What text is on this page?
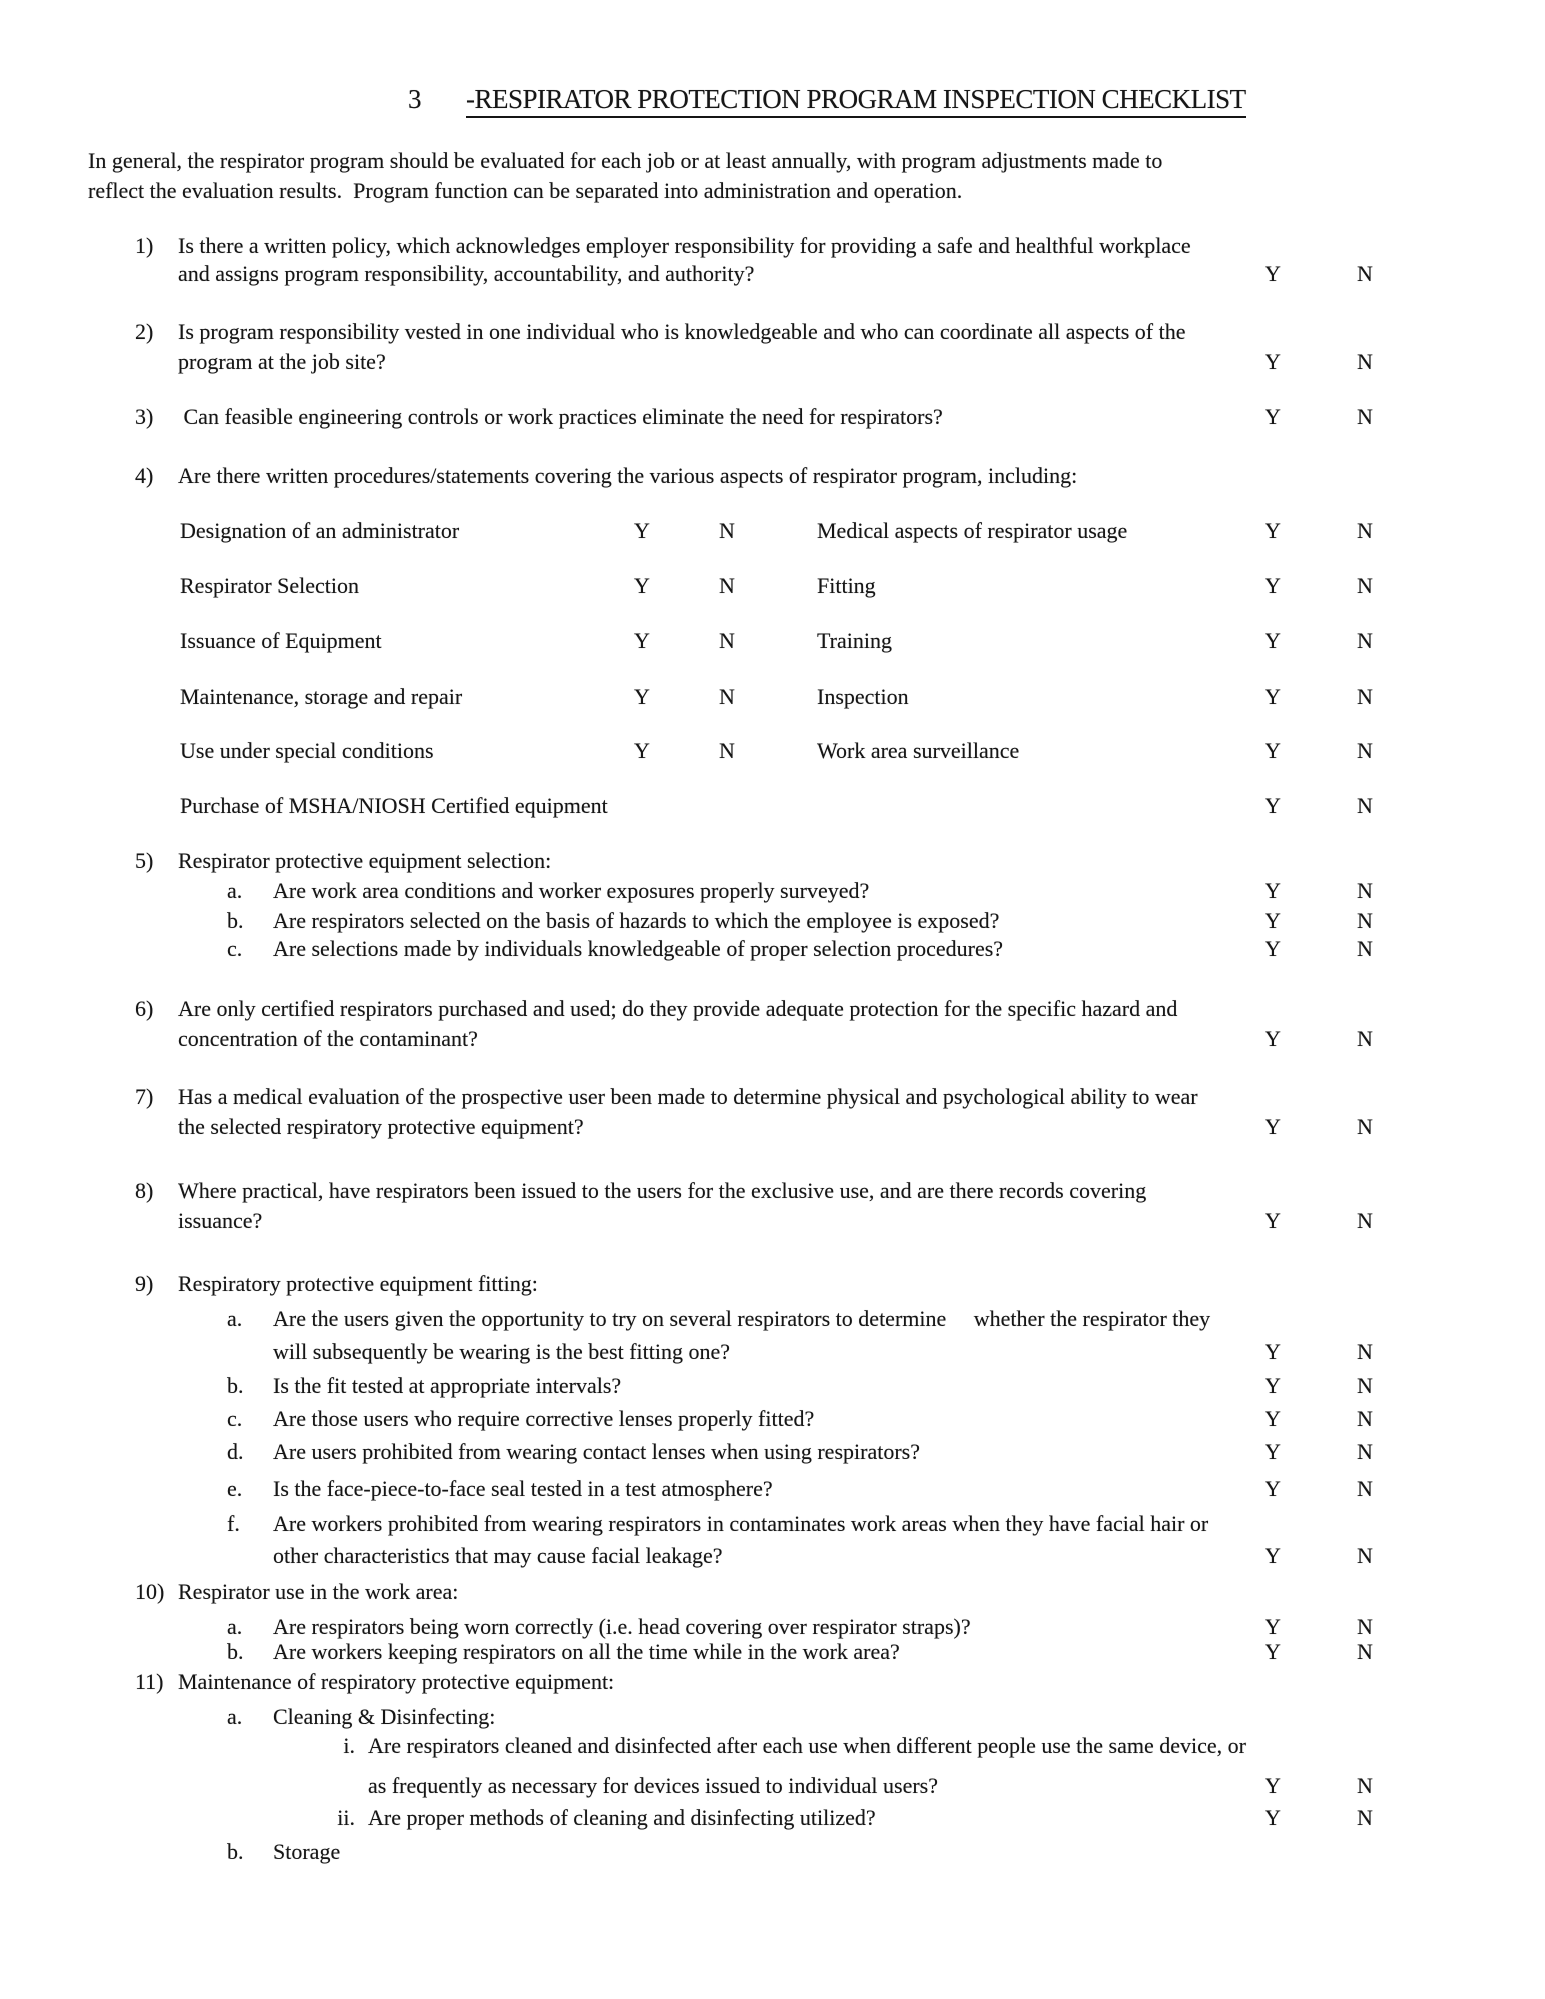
3 -RESPIRATOR PROTECTION PROGRAM INSPECTION CHECKLIST
In general, the respirator program should be evaluated for each job or at least annually, with program adjustments made to
reflect the evaluation results.  Program function can be separated into administration and operation.
1) Is there a written policy, which acknowledges employer responsibility for providing a safe and healthful workplace
and assigns program responsibility, accountability, and authority?	Y	N
2) Is program responsibility vested in one individual who is knowledgeable and who can coordinate all aspects of the
program at the job site?	Y	N
3) Can feasible engineering controls or work practices eliminate the need for respirators?	Y	N
4) Are there written procedures/statements covering the various aspects of respirator program, including:
Designation of an administrator	Y	N	Medical aspects of respirator usage	Y	N
Respirator Selection	Y	N	Fitting	Y	N
Issuance of Equipment	Y	N	Training	Y	N
Maintenance, storage and repair	Y	N	Inspection	Y	N
Use under special conditions	Y	N	Work area surveillance	Y	N
Purchase of MSHA/NIOSH Certified equipment	Y	N
5) Respirator protective equipment selection:
a. Are work area conditions and worker exposures properly surveyed?	Y	N
b. Are respirators selected on the basis of hazards to which the employee is exposed?	Y	N
c. Are selections made by individuals knowledgeable of proper selection procedures?	Y	N
6) Are only certified respirators purchased and used; do they provide adequate protection for the specific hazard and
concentration of the contaminant?	Y	N
7) Has a medical evaluation of the prospective user been made to determine physical and psychological ability to wear
the selected respiratory protective equipment?	Y	N
8) Where practical, have respirators been issued to the users for the exclusive use, and are there records covering
issuance?	Y	N
9) Respiratory protective equipment fitting:
a. Are the users given the opportunity to try on several respirators to determine     whether the respirator they
will subsequently be wearing is the best fitting one?	Y	N
b. Is the fit tested at appropriate intervals?	Y	N
c. Are those users who require corrective lenses properly fitted?	Y	N
d. Are users prohibited from wearing contact lenses when using respirators?	Y	N
e. Is the face-piece-to-face seal tested in a test atmosphere?	Y	N
f. Are workers prohibited from wearing respirators in contaminates work areas when they have facial hair or
other characteristics that may cause facial leakage?	Y	N
10) Respirator use in the work area:
a. Are respirators being worn correctly (i.e. head covering over respirator straps)?	Y	N
b. Are workers keeping respirators on all the time while in the work area?	Y	N
11) Maintenance of respiratory protective equipment:
a. Cleaning & Disinfecting:
i. Are respirators cleaned and disinfected after each use when different people use the same device, or
as frequently as necessary for devices issued to individual users?	Y	N
ii. Are proper methods of cleaning and disinfecting utilized?	Y	N
b. Storage
